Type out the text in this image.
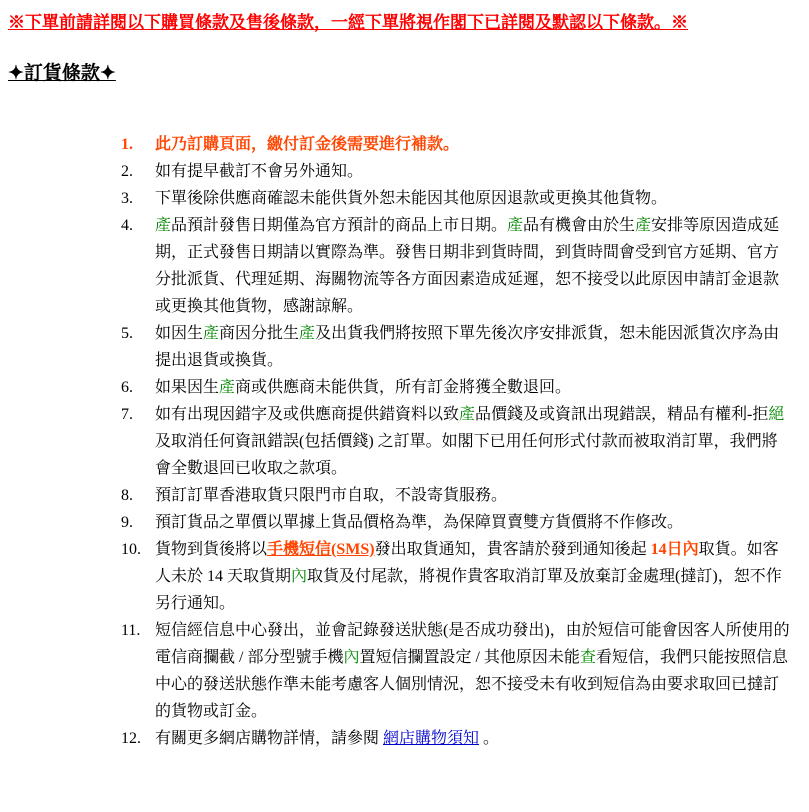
※下單前請詳閱以下購買條款及售後條款，一經下單將視作閣下已詳閱及默認以下條款。※

✦訂貨條款✦
1.	此乃訂購頁面，繳付訂金後需要進行補款。
2.	如有提早截訂不會另外通知。
3.	下單後除供應商確認未能供貨外恕未能因其他原因退款或更換其他貨物。
4.	產品預計發售日期僅為官方預計的商品上市日期。產品有機會由於生產安排等原因造成延期，正式發售日期請以實際為準。發售日期非到貨時間，到貨時間會受到官方延期、官方分批派貨、代理延期、海關物流等各方面因素造成延遲，恕不接受以此原因申請訂金退款或更換其他貨物，感謝諒解。
5.	如因生產商因分批生產及出貨我們將按照下單先後次序安排派貨，恕未能因派貨次序為由提出退貨或換貨。
6.	如果因生產商或供應商未能供貨，所有訂金將獲全數退回。
7.	如有出現因錯字及或供應商提供錯資料以致產品價錢及或資訊出現錯誤，精品有權利-拒絕及取消任何資訊錯誤(包括價錢) 之訂單。如閣下已用任何形式付款而被取消訂單，我們將會全數退回已收取之款項。
8.	預訂訂單香港取貨只限門市自取，不設寄貨服務。
9.	預訂貨品之單價以單據上貨品價格為準，為保障買賣雙方貨價將不作修改。
10. 貨物到貨後將以手機短信(SMS)發出取貨通知，貴客請於發到通知後起 14日內取貨。如客人未於 14 天取貨期內取貨及付尾款，將視作貴客取消訂單及放棄訂金處理(撻訂)，恕不作另行通知。
11. 短信經信息中心發出，並會記錄發送狀態(是否成功發出)，由於短信可能會因客人所使用的電信商攔截 / 部分型號手機內置短信攔置設定 / 其他原因未能查看短信，我們只能按照信息中心的發送狀態作準未能考慮客人個別情況，恕不接受未有收到短信為由要求取回已撻訂的貨物或訂金。
12. 有關更多網店購物詳情，請參閱 網店購物須知 。
